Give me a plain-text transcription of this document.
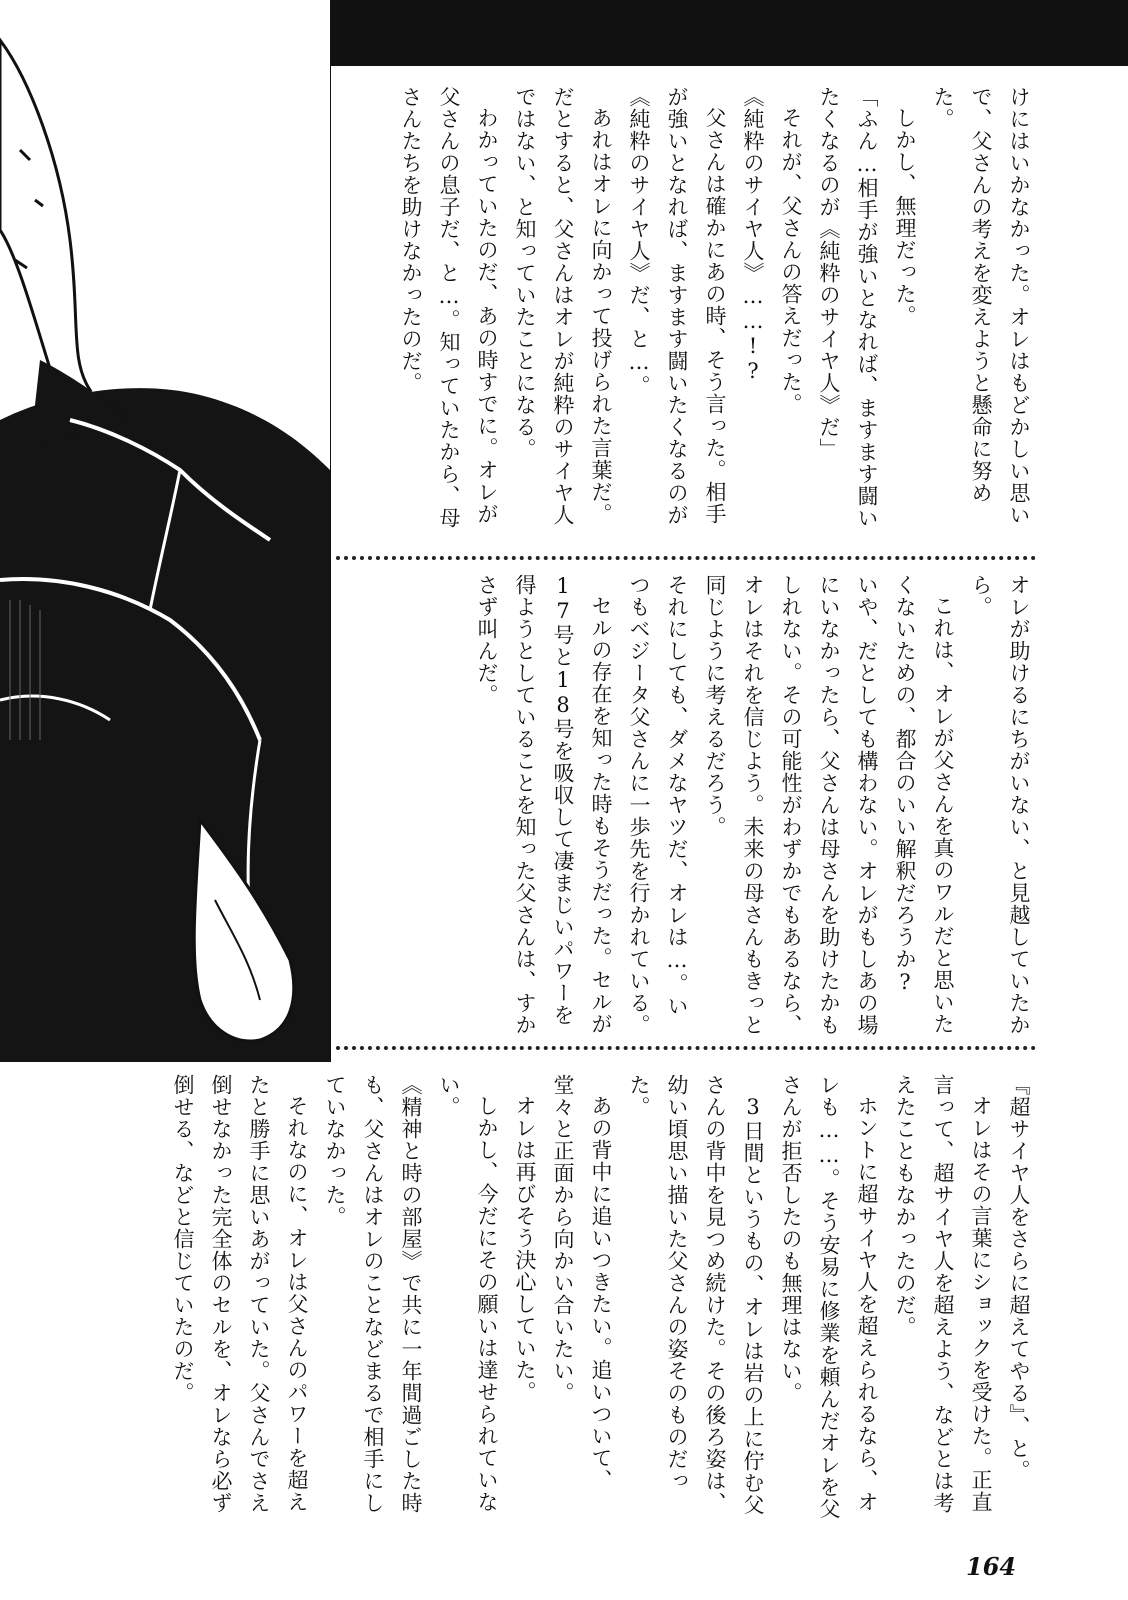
けにはいかなかった。オレはもどかしい思いで、父さんの考えを変えようと懸命に努めた。

しかし、無理だった。

「ふん…相手が強いとなれば、ますます闘いたくなるのが《純粋のサイヤ人》だ」

それが、父さんの答えだった。

《純粋のサイヤ人》……!?

父さんは確かにあの時、そう言った。相手が強いとなれば、ますます闘いたくなるのが《純粋のサイヤ人》だ、と…。

あれはオレに向かって投げられた言葉だ。だとすると、父さんはオレが純粋のサイヤ人ではない、と知っていたことになる。

わかっていたのだ、あの時すでに。オレが父さんの息子だ、と…。知っていたから、母さんたちを助けなかったのだ。

オレが助けるにちがいない、と見越していたから。

これは、オレが父さんを真のワルだと思いたくないための、都合のいい解釈だろうか?　いや、だとしても構わない。オレがもしあの場にいなかったら、父さんは母さんを助けたかもしれない。その可能性がわずかでもあるなら、オレはそれを信じよう。未来の母さんもきっと同じように考えるだろう。

それにしても、ダメなヤツだ、オレは…。いつもベジータ父さんに一歩先を行かれている。

セルの存在を知った時もそうだった。セルが17号と18号を吸収して凄まじいパワーを得ようとしていることを知った父さんは、すかさず叫んだ。

『超サイヤ人をさらに超えてやる』、と。

オレはその言葉にショックを受けた。正直言って、超サイヤ人を超えよう、などとは考えたこともなかったのだ。

ホントに超サイヤ人を超えられるなら、オレも……。そう安易に修業を頼んだオレを父さんが拒否したのも無理はない。

3日間というもの、オレは岩の上に佇む父さんの背中を見つめ続けた。その後ろ姿は、幼い頃思い描いた父さんの姿そのものだった。

あの背中に追いつきたい。追いついて、堂々と正面から向かい合いたい。

オレは再びそう決心していた。

しかし、今だにその願いは達せられていない。

《精神と時の部屋》で共に一年間過ごした時も、父さんはオレのことなどまるで相手にしていなかった。

それなのに、オレは父さんのパワーを超えたと勝手に思いあがっていた。父さんでさえ倒せなかった完全体のセルを、オレなら必ず倒せる、などと信じていたのだ。

164
